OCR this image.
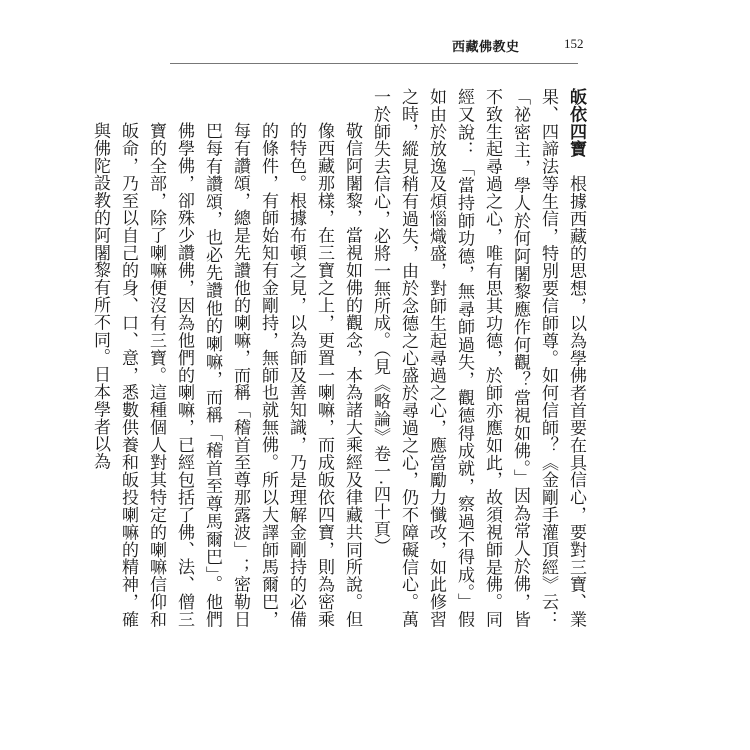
西藏佛教史	152

皈依四寶　根據西藏的思想，以為學佛者首要在具信心，要對三寶、業果、四諦法等生信，特別要信師尊。如何信師？《金剛手灌頂經》云：「祕密主，學人於何阿闍黎應作何觀？當視如佛。」因為常人於佛，皆不致生起尋過之心，唯有思其功德，於師亦應如此，故須視師是佛。同經又說：「當持師功德，無尋師過失，觀德得成就，察過不得成。」假如由於放逸及煩惱熾盛，對師生起尋過之心，應當勵力懺改，如此修習之時，縱見稍有過失，由於念德之心盛於尋過之心，仍不障礙信心。萬一於師失去信心，必將一無所成。（見《略論》卷一‧四十頁）

敬信阿闍黎，當視如佛的觀念，本為諸大乘經及律藏共同所說。但像西藏那樣，在三寶之上，更置一喇嘛，而成皈依四寶，則為密乘的特色。根據布頓之見，以為師及善知識，乃是理解金剛持的必備的條件，有師始知有金剛持，無師也就無佛。所以大譯師馬爾巴，每有讚頌，總是先讚他的喇嘛，而稱「稽首至尊那露波」；密勒日巴每有讚頌，也必先讚他的喇嘛，而稱「稽首至尊馬爾巴」。他們佛學佛，卻殊少讚佛，因為他們的喇嘛，已經包括了佛、法、僧三寶的全部，除了喇嘛便沒有三寶。這種個人對其特定的喇嘛信仰和皈命，乃至以自己的身、口、意，悉數供養和皈投喇嘛的精神，確與佛陀設教的阿闍黎有所不同。日本學者以為
